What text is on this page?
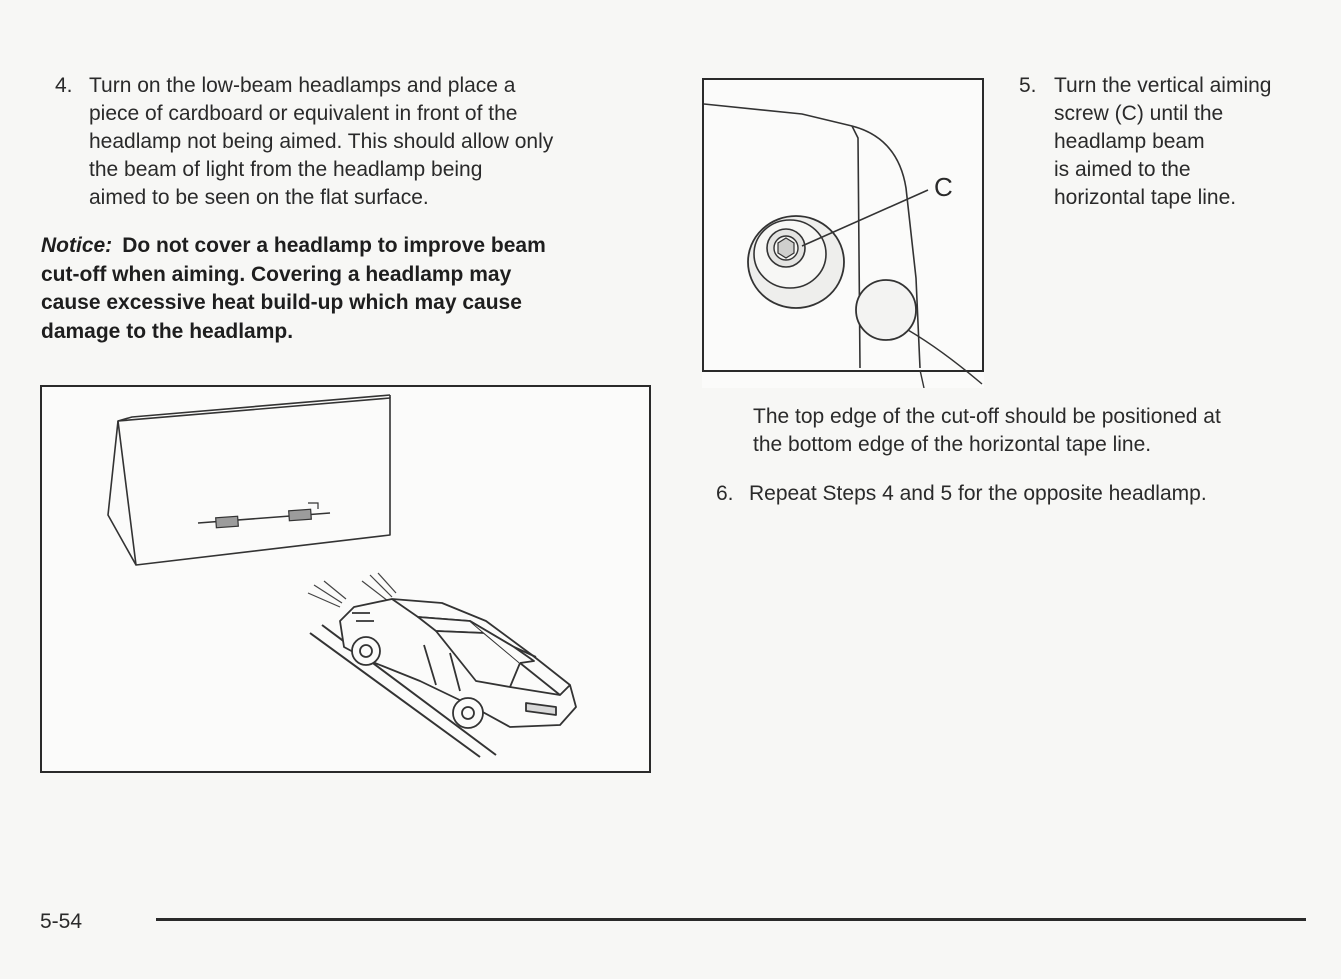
4. Turn on the low-beam headlamps and place a
piece of cardboard or equivalent in front of the
headlamp not being aimed. This should allow only
the beam of light from the headlamp being
aimed to be seen on the flat surface.
Notice: Do not cover a headlamp to improve beam
cut-off when aiming. Covering a headlamp may
cause excessive heat build-up which may cause
damage to the headlamp.
C
5. Turn the vertical aiming
screw (C) until the
headlamp beam
is aimed to the
horizontal tape line.
The top edge of the cut-off should be positioned at
the bottom edge of the horizontal tape line.
6. Repeat Steps 4 and 5 for the opposite headlamp.
5-54
